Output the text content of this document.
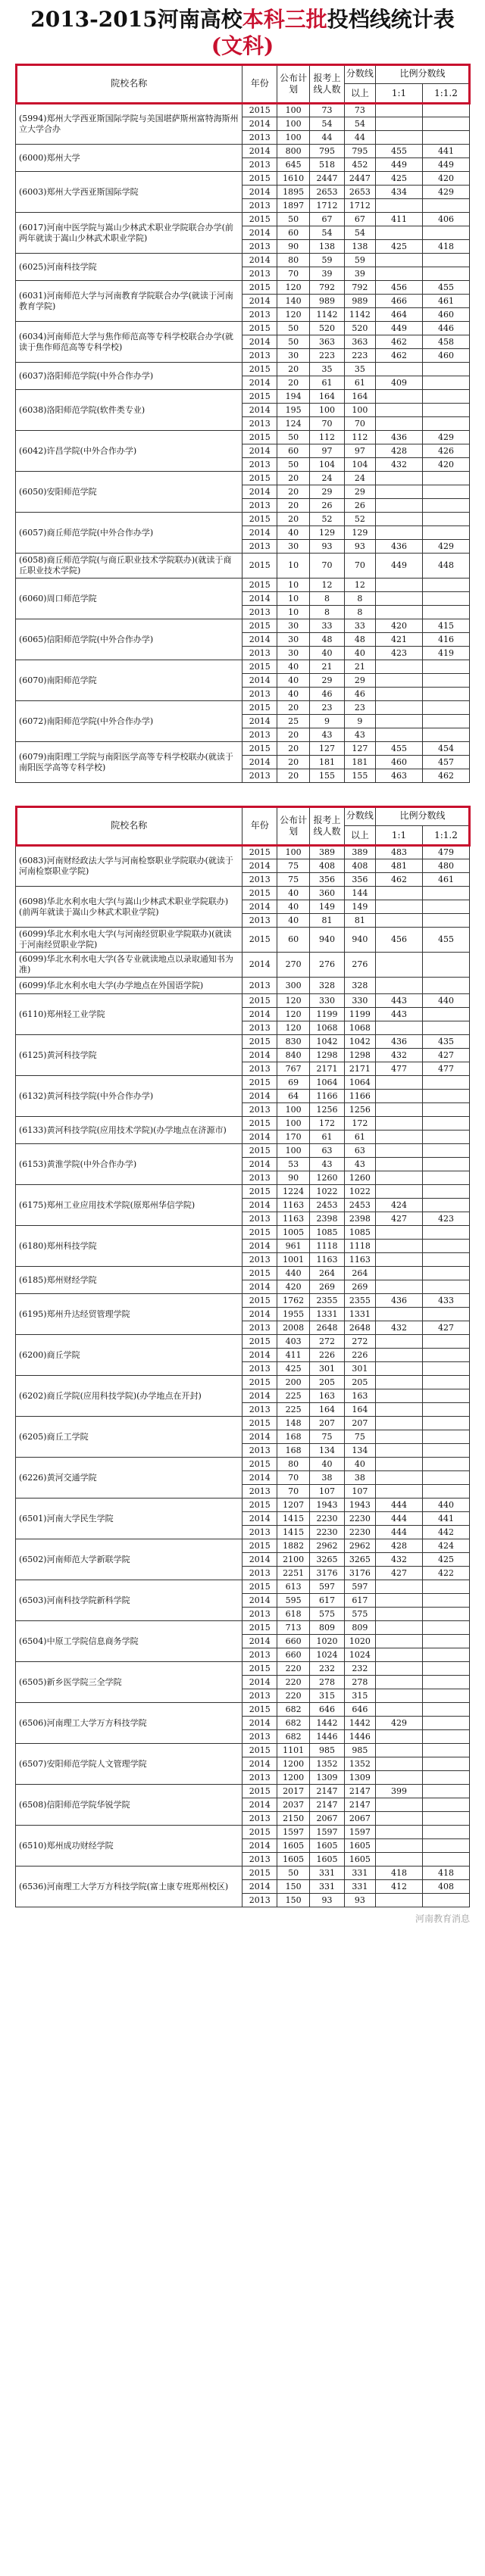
2013-2015河南高校本科三批投档线统计表
(文科)
院校名称	年份	公布计划	报考上线人数	分数线	比例分数线	
				以上	1:1	1:1.2
(5994)郑州大学西亚斯国际学院与美国堪萨斯州富特海斯州立大学合办	2015	100	73	73		
	2014	100	54	54		
	2013	100	44	44		
(6000)郑州大学	2014	800	795	795	455	441
	2013	645	518	452	449	449
(6003)郑州大学西亚斯国际学院	2015	1610	2447	2447	425	420
	2014	1895	2653	2653	434	429
	2013	1897	1712	1712		
(6017)河南中医学院与嵩山少林武术职业学院联合办学(前两年就读于嵩山少林武术职业学院)	2015	50	67	67	411	406
	2014	60	54	54		
	2013	90	138	138	425	418
(6025)河南科技学院	2014	80	59	59		
	2013	70	39	39		
(6031)河南师范大学与河南教育学院联合办学(就读于河南教育学院)	2015	120	792	792	456	455
	2014	140	989	989	466	461
	2013	120	1142	1142	464	460
(6034)河南师范大学与焦作师范高等专科学校联合办学(就读于焦作师范高等专科学校)	2015	50	520	520	449	446
	2014	50	363	363	462	458
	2013	30	223	223	462	460
(6037)洛阳师范学院(中外合作办学)	2015	20	35	35		
	2014	20	61	61	409	
(6038)洛阳师范学院(软件类专业)	2015	194	164	164		
	2014	195	100	100		
	2013	124	70	70		
(6042)许昌学院(中外合作办学)	2015	50	112	112	436	429
	2014	60	97	97	428	426
	2013	50	104	104	432	420
(6050)安阳师范学院	2015	20	24	24		
	2014	20	29	29		
	2013	20	26	26		
(6057)商丘师范学院(中外合作办学)	2015	20	52	52		
	2014	40	129	129		
	2013	30	93	93	436	429
(6058)商丘师范学院(与商丘职业技术学院联办)(就读于商丘职业技术学院)	2015	10	70	70	449	448
(6060)周口师范学院	2015	10	12	12		
	2014	10	8	8		
	2013	10	8	8		
(6065)信阳师范学院(中外合作办学)	2015	30	33	33	420	415
	2014	30	48	48	421	416
	2013	30	40	40	423	419
(6070)南阳师范学院	2015	40	21	21		
	2014	40	29	29		
	2013	40	46	46		
(6072)南阳师范学院(中外合作办学)	2015	20	23	23		
	2014	25	9	9		
	2013	20	43	43		
(6079)南阳理工学院与南阳医学高等专科学校联办(就读于南阳医学高等专科学校)	2015	20	127	127	455	454
	2014	20	181	181	460	457
	2013	20	155	155	463	462
院校名称	年份	公布计划	报考上线人数	分数线	比例分数线	
				以上	1:1	1:1.2
(6083)河南财经政法大学与河南检察职业学院联办(就读于河南检察职业学院)	2015	100	389	389	483	479
	2014	75	408	408	481	480
	2013	75	356	356	462	461
(6098)华北水利水电大学(与嵩山少林武术职业学院联办)(前两年就读于嵩山少林武术职业学院)	2015	40	360	144		
	2014	40	149	149		
	2013	40	81	81		
(6099)华北水利水电大学(与河南经贸职业学院联办)(就读于河南经贸职业学院)	2015	60	940	940	456	455
(6099)华北水利水电大学(各专业就读地点以录取通知书为准)	2014	270	276	276		
(6099)华北水利水电大学(办学地点在外国语学院)	2013	300	328	328		
(6110)郑州轻工业学院	2015	120	330	330	443	440
	2014	120	1199	1199	443	
	2013	120	1068	1068		
(6125)黄河科技学院	2015	830	1042	1042	436	435
	2014	840	1298	1298	432	427
	2013	767	2171	2171	477	477
(6132)黄河科技学院(中外合作办学)	2015	69	1064	1064		
	2014	64	1166	1166		
	2013	100	1256	1256		
(6133)黄河科技学院(应用技术学院)(办学地点在济源市)	2015	100	172	172		
	2014	170	61	61		
(6153)黄淮学院(中外合作办学)	2015	100	63	63		
	2014	53	43	43		
	2013	90	1260	1260		
(6175)郑州工业应用技术学院(原郑州华信学院)	2015	1224	1022	1022		
	2014	1163	2453	2453	424	
	2013	1163	2398	2398	427	423
(6180)郑州科技学院	2015	1005	1085	1085		
	2014	961	1118	1118		
	2013	1001	1163	1163		
(6185)郑州财经学院	2015	440	264	264		
	2014	420	269	269		
(6195)郑州升达经贸管理学院	2015	1762	2355	2355	436	433
	2014	1955	1331	1331		
	2013	2008	2648	2648	432	427
(6200)商丘学院	2015	403	272	272		
	2014	411	226	226		
	2013	425	301	301		
(6202)商丘学院(应用科技学院)(办学地点在开封)	2015	200	205	205		
	2014	225	163	163		
	2013	225	164	164		
(6205)商丘工学院	2015	148	207	207		
	2014	168	75	75		
	2013	168	134	134		
(6226)黄河交通学院	2015	80	40	40		
	2014	70	38	38		
	2013	70	107	107		
(6501)河南大学民生学院	2015	1207	1943	1943	444	440
	2014	1415	2230	2230	444	441
	2013	1415	2230	2230	444	442
(6502)河南师范大学新联学院	2015	1882	2962	2962	428	424
	2014	2100	3265	3265	432	425
	2013	2251	3176	3176	427	422
(6503)河南科技学院新科学院	2015	613	597	597		
	2014	595	617	617		
	2013	618	575	575		
(6504)中原工学院信息商务学院	2015	713	809	809		
	2014	660	1020	1020		
	2013	660	1024	1024		
(6505)新乡医学院三全学院	2015	220	232	232		
	2014	220	278	278		
	2013	220	315	315		
(6506)河南理工大学万方科技学院	2015	682	646	646		
	2014	682	1442	1442	429	
	2013	682	1446	1446		
(6507)安阳师范学院人文管理学院	2015	1101	985	985		
	2014	1200	1352	1352		
	2013	1200	1309	1309		
(6508)信阳师范学院华锐学院	2015	2017	2147	2147	399	
	2014	2037	2147	2147		
	2013	2150	2067	2067		
(6510)郑州成功财经学院	2015	1597	1597	1597		
	2014	1605	1605	1605		
	2013	1605	1605	1605		
(6536)河南理工大学万方科技学院(富士康专班郑州校区)	2015	50	331	331	418	418
	2014	150	331	331	412	408
	2013	150	93	93		
河南教育消息
